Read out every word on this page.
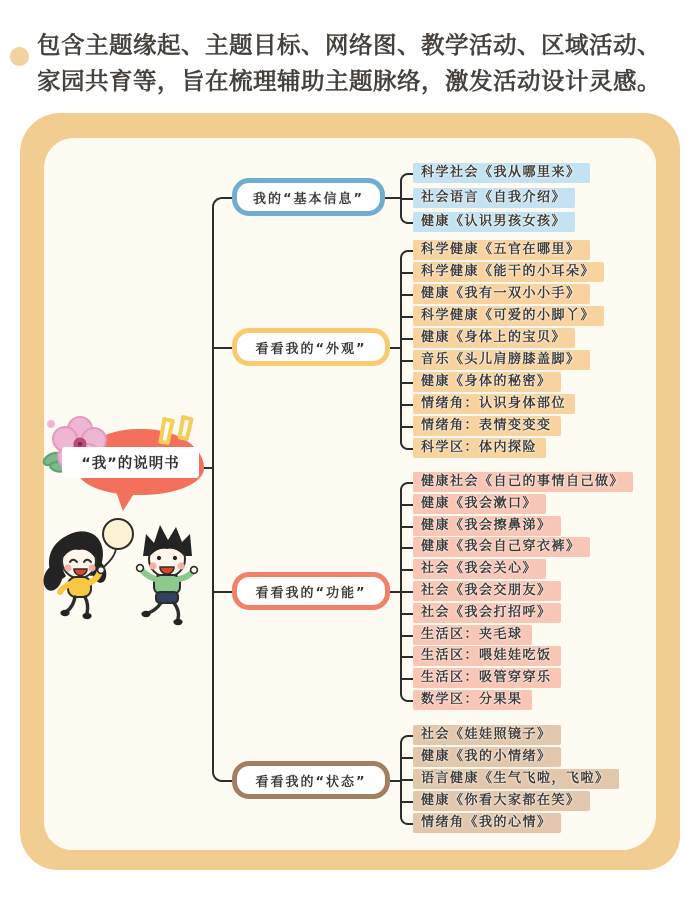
包含主题缘起、主题目标、网络图、教学活动、区域活动、
家园共育等，旨在梳理辅助主题脉络，激发活动设计灵感。
“我”的说明书
我的“基本信息”
科学社会《我从哪里来》
社会语言《自我介绍》
健康《认识男孩女孩》
看看我的“外观”
科学健康《五官在哪里》
科学健康《能干的小耳朵》
健康《我有一双小小手》
科学健康《可爱的小脚丫》
健康《身体上的宝贝》
音乐《头儿肩膀膝盖脚》
健康《身体的秘密》
情绪角：认识身体部位
情绪角：表情变变变
科学区：体内探险
看看我的“功能”
健康社会《自己的事情自己做》
健康《我会漱口》
健康《我会擦鼻涕》
健康《我会自己穿衣裤》
社会《我会关心》
社会《我会交朋友》
社会《我会打招呼》
生活区：夹毛球
生活区：喂娃娃吃饭
生活区：吸管穿穿乐
数学区：分果果
看看我的“状态”
社会《娃娃照镜子》
健康《我的小情绪》
语言健康《生气飞啦，飞啦》
健康《你看大家都在笑》
情绪角《我的心情》
